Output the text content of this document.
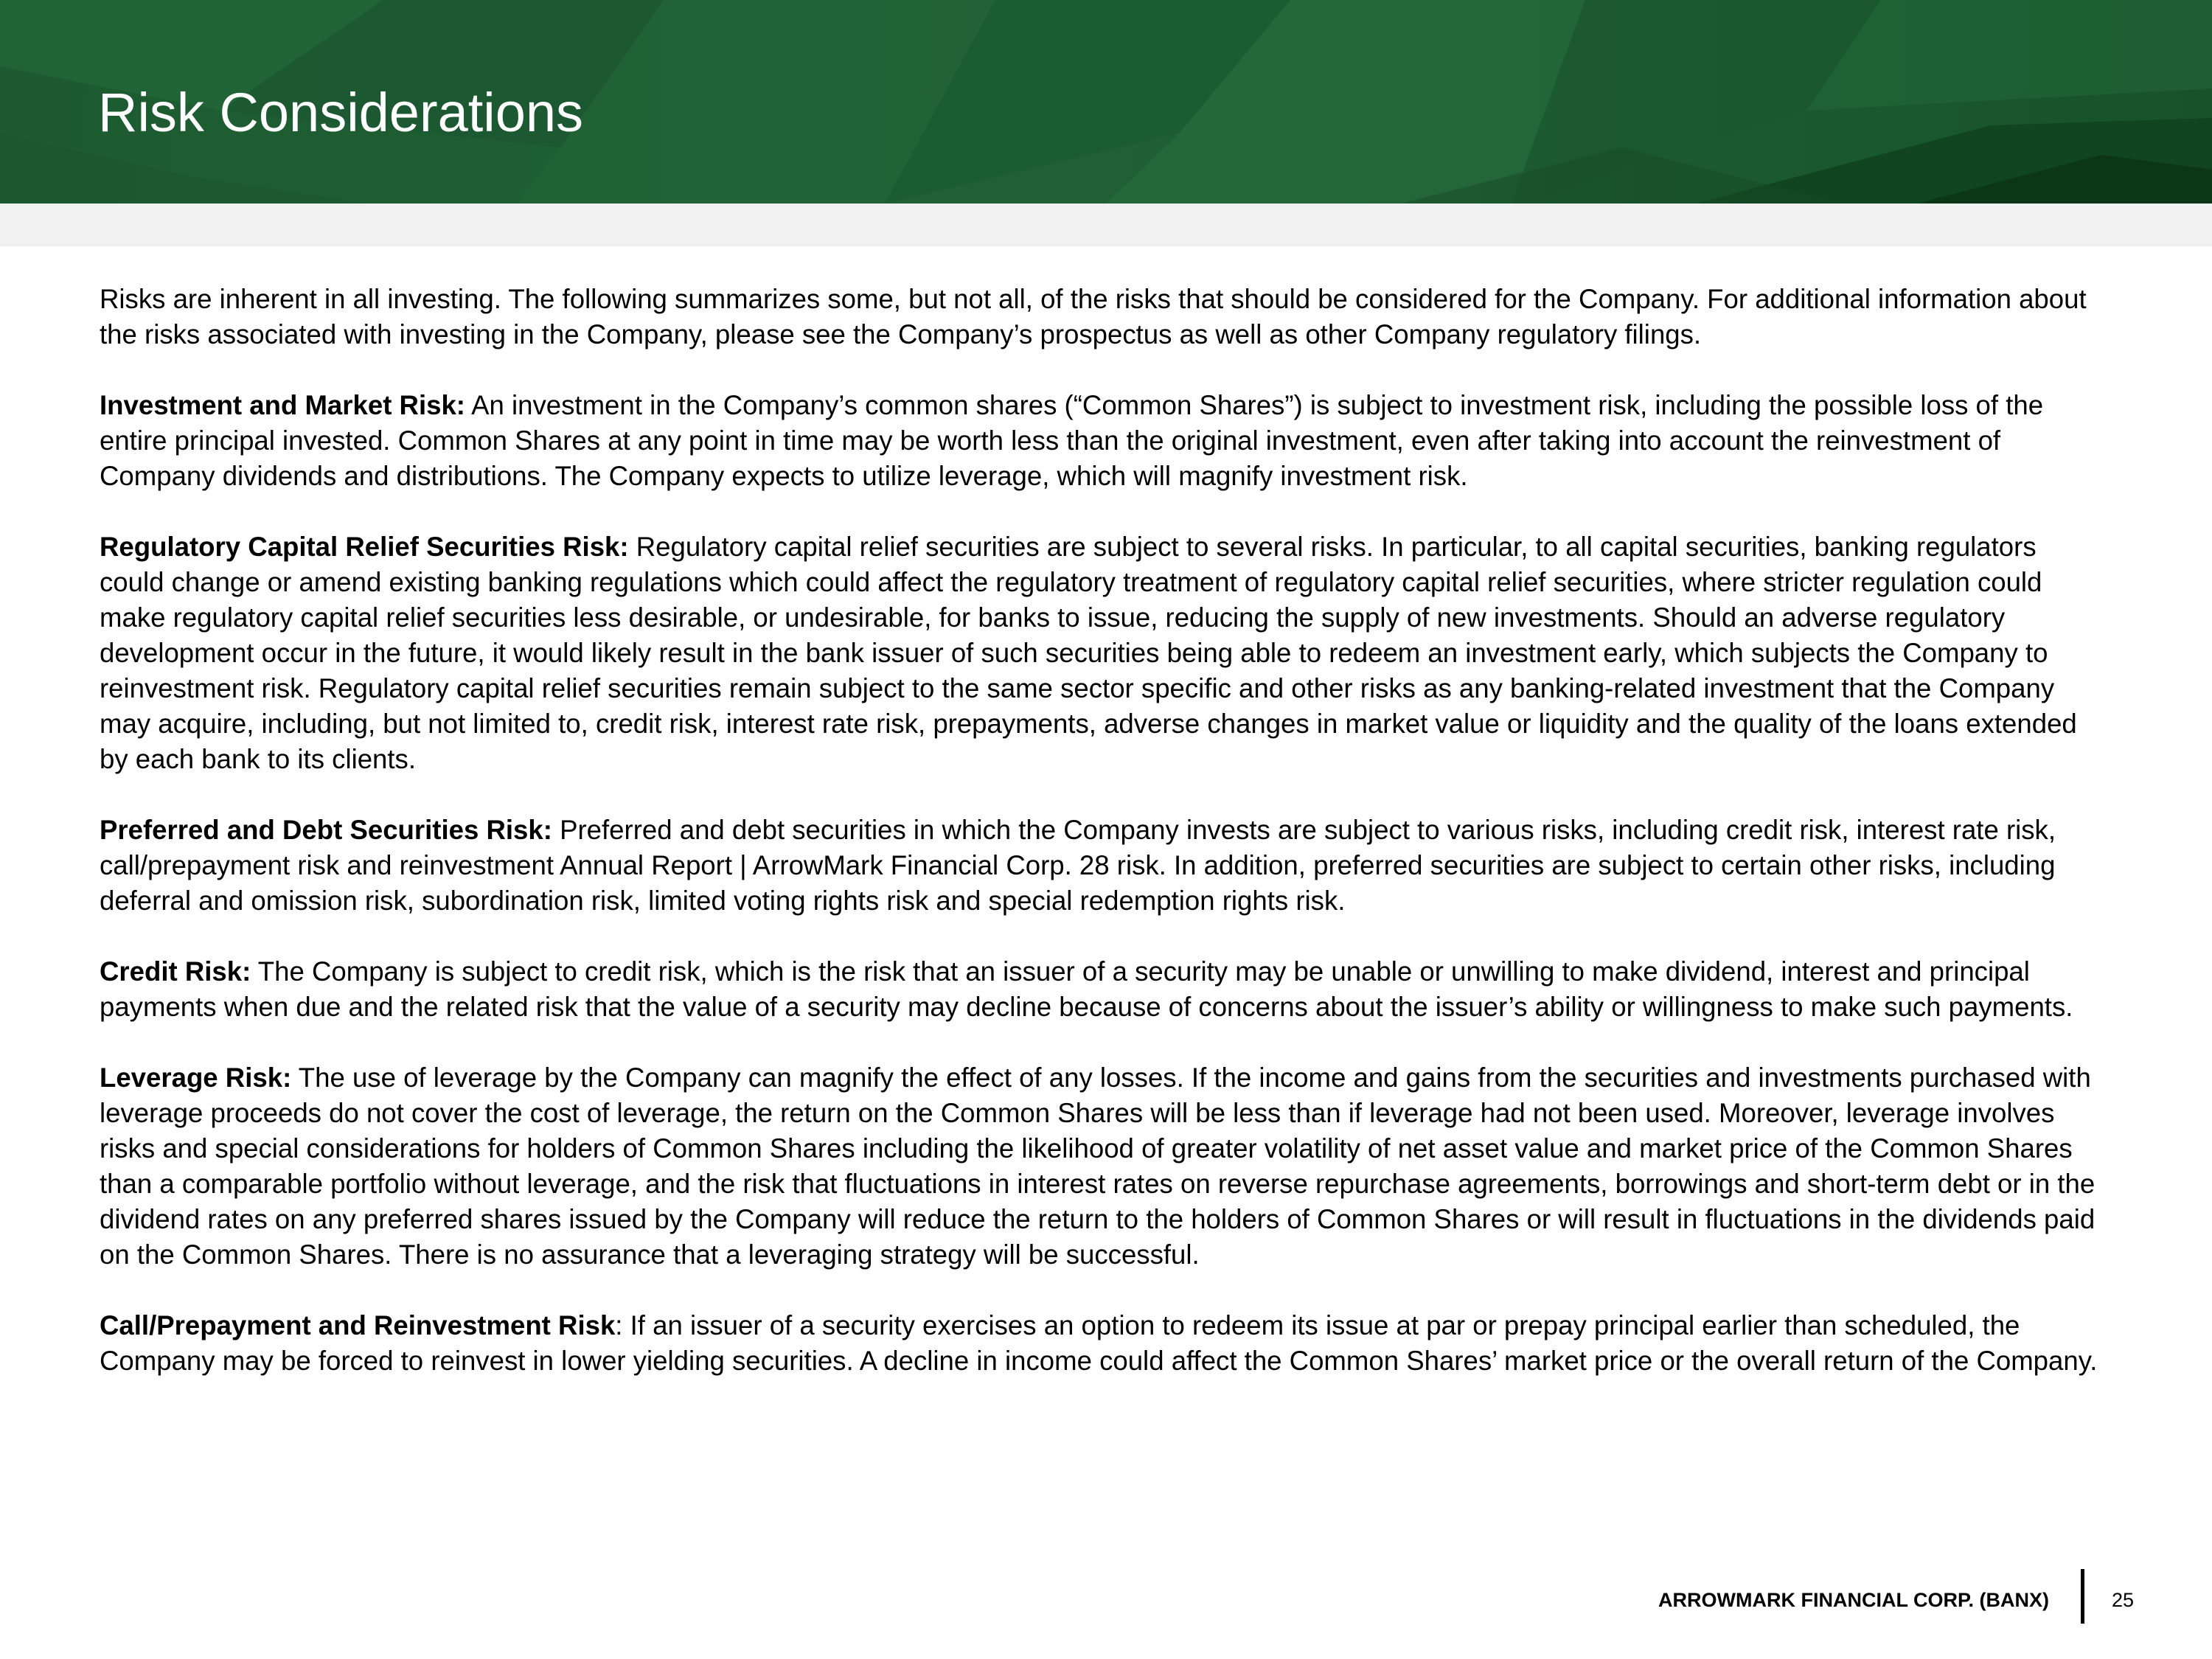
Risk Considerations

Risks are inherent in all investing. The following summarizes some, but not all, of the risks that should be considered for the Company. For additional information about the risks associated with investing in the Company, please see the Company’s prospectus as well as other Company regulatory filings.

Investment and Market Risk: An investment in the Company’s common shares (“Common Shares”) is subject to investment risk, including the possible loss of the entire principal invested. Common Shares at any point in time may be worth less than the original investment, even after taking into account the reinvestment of Company dividends and distributions. The Company expects to utilize leverage, which will magnify investment risk.

Regulatory Capital Relief Securities Risk: Regulatory capital relief securities are subject to several risks. In particular, to all capital securities, banking regulators could change or amend existing banking regulations which could affect the regulatory treatment of regulatory capital relief securities, where stricter regulation could make regulatory capital relief securities less desirable, or undesirable, for banks to issue, reducing the supply of new investments. Should an adverse regulatory development occur in the future, it would likely result in the bank issuer of such securities being able to redeem an investment early, which subjects the Company to reinvestment risk. Regulatory capital relief securities remain subject to the same sector specific and other risks as any banking-related investment that the Company may acquire, including, but not limited to, credit risk, interest rate risk, prepayments, adverse changes in market value or liquidity and the quality of the loans extended by each bank to its clients.

Preferred and Debt Securities Risk: Preferred and debt securities in which the Company invests are subject to various risks, including credit risk, interest rate risk, call/prepayment risk and reinvestment Annual Report | ArrowMark Financial Corp. 28 risk. In addition, preferred securities are subject to certain other risks, including deferral and omission risk, subordination risk, limited voting rights risk and special redemption rights risk.

Credit Risk: The Company is subject to credit risk, which is the risk that an issuer of a security may be unable or unwilling to make dividend, interest and principal payments when due and the related risk that the value of a security may decline because of concerns about the issuer’s ability or willingness to make such payments.

Leverage Risk: The use of leverage by the Company can magnify the effect of any losses. If the income and gains from the securities and investments purchased with leverage proceeds do not cover the cost of leverage, the return on the Common Shares will be less than if leverage had not been used. Moreover, leverage involves risks and special considerations for holders of Common Shares including the likelihood of greater volatility of net asset value and market price of the Common Shares than a comparable portfolio without leverage, and the risk that fluctuations in interest rates on reverse repurchase agreements, borrowings and short-term debt or in the dividend rates on any preferred shares issued by the Company will reduce the return to the holders of Common Shares or will result in fluctuations in the dividends paid on the Common Shares. There is no assurance that a leveraging strategy will be successful.

Call/Prepayment and Reinvestment Risk: If an issuer of a security exercises an option to redeem its issue at par or prepay principal earlier than scheduled, the Company may be forced to reinvest in lower yielding securities. A decline in income could affect the Common Shares’ market price or the overall return of the Company.

ARROWMARK FINANCIAL CORP. (BANX)	25
